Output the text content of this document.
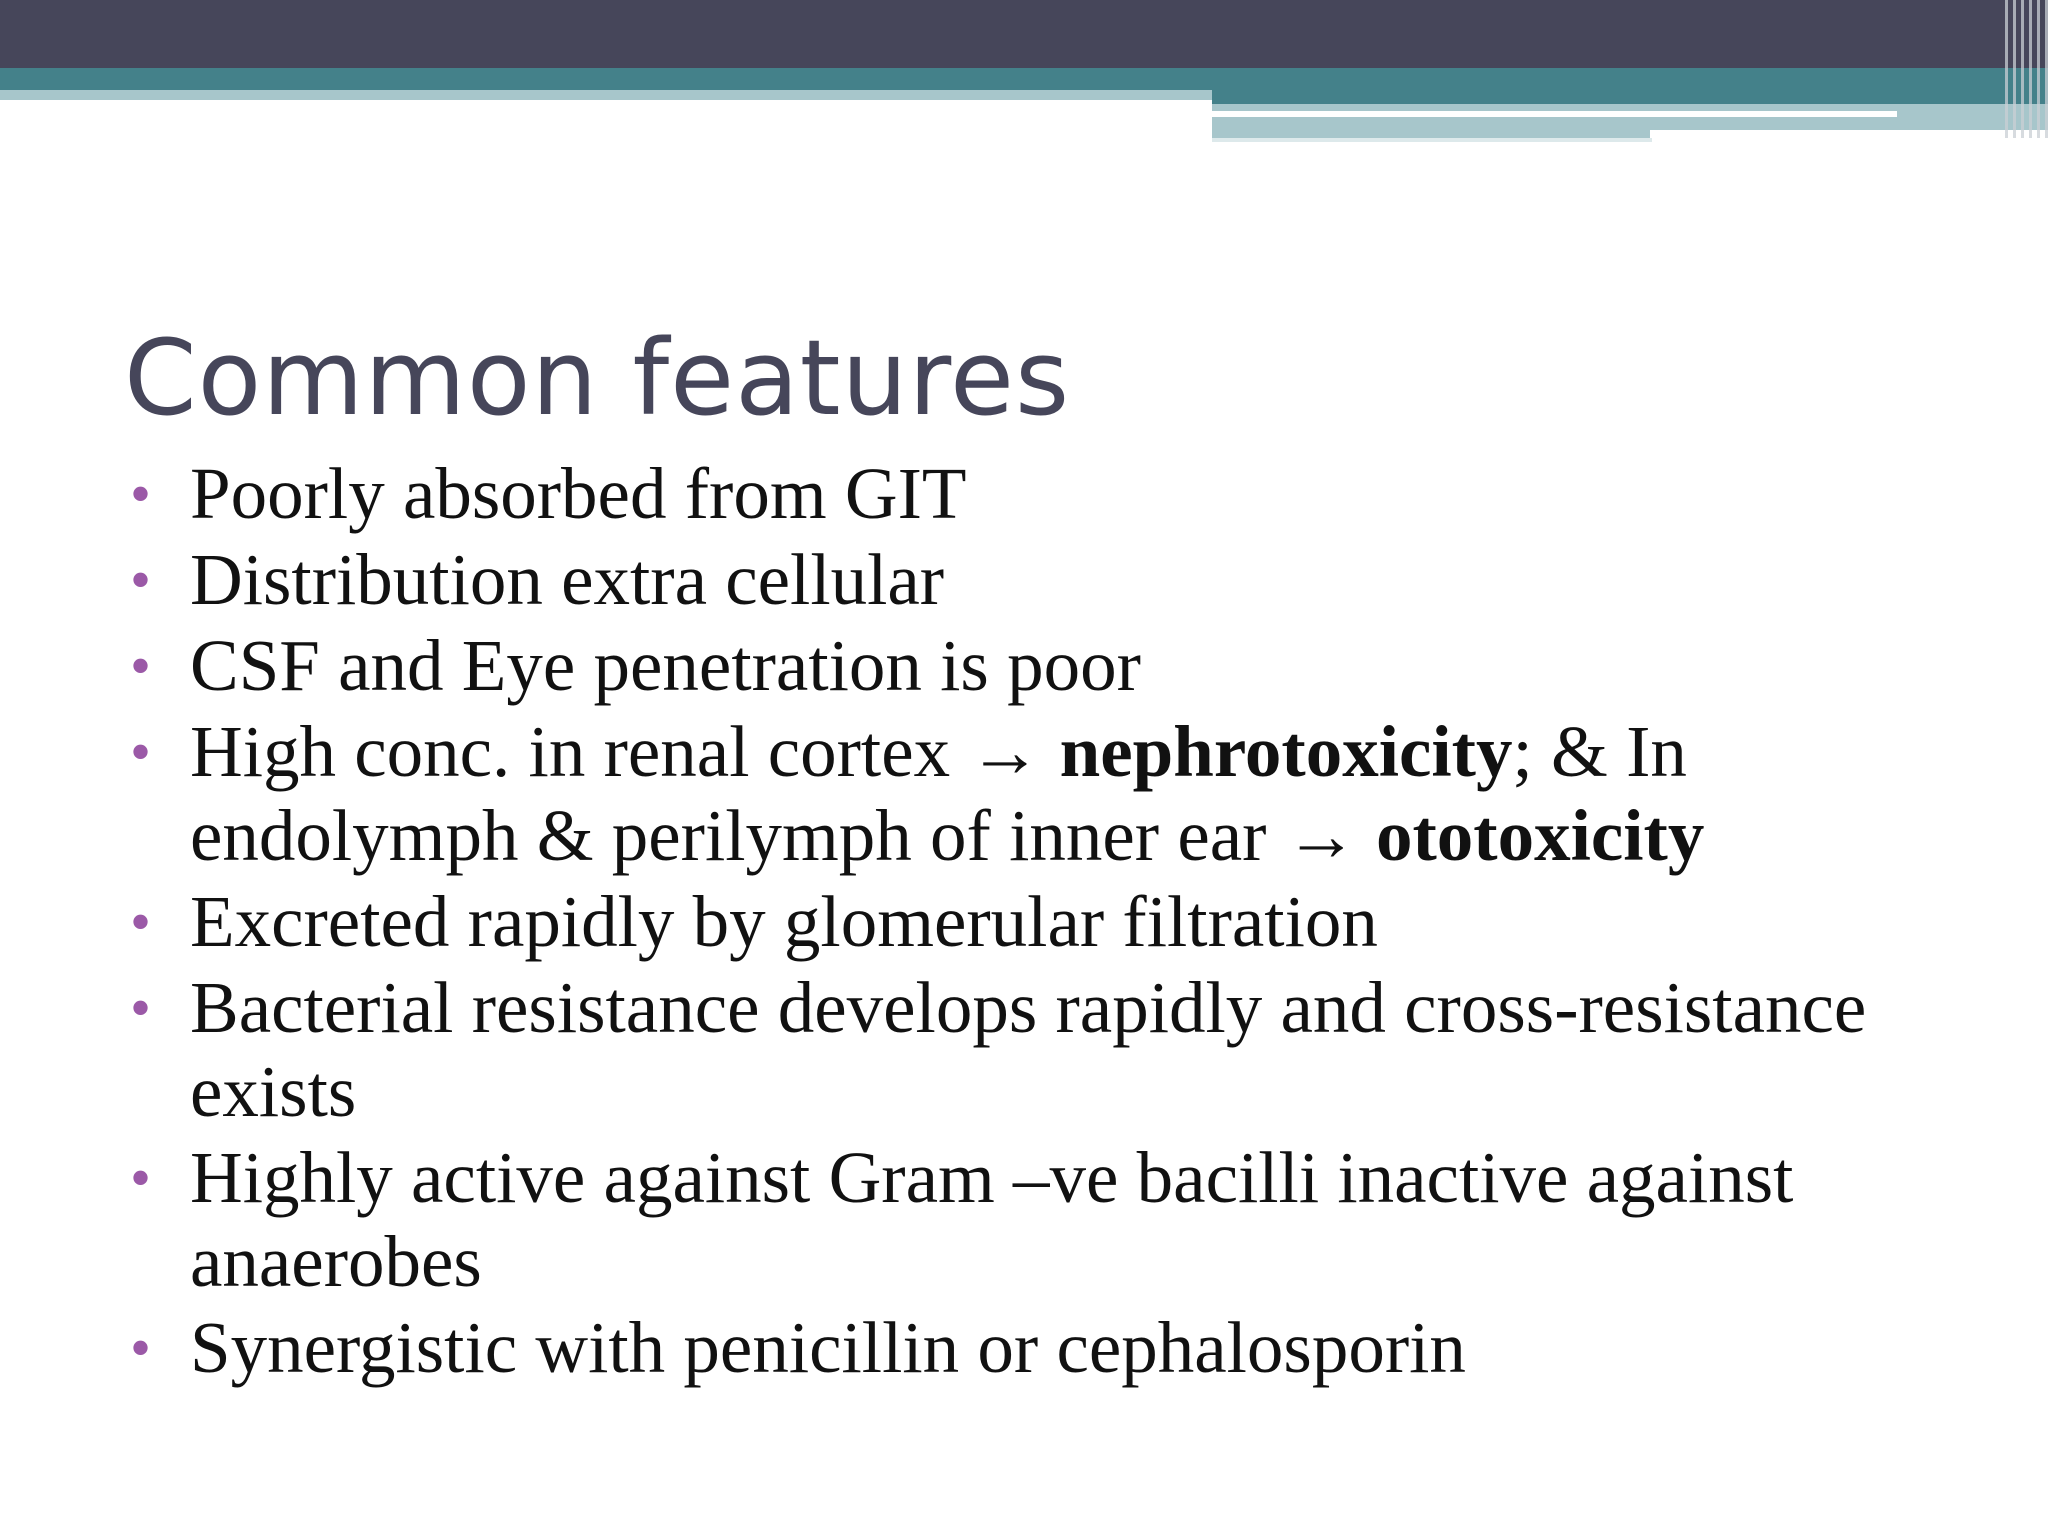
Common features
• Poorly absorbed from GIT
• Distribution extra cellular
• CSF and Eye penetration is poor
• High conc. in renal cortex → nephrotoxicity; & In endolymph & perilymph of inner ear → ototoxicity
• Excreted rapidly by glomerular filtration
• Bacterial resistance develops rapidly and cross-resistance exists
• Highly active against Gram –ve bacilli inactive against anaerobes
• Synergistic with penicillin or cephalosporin
